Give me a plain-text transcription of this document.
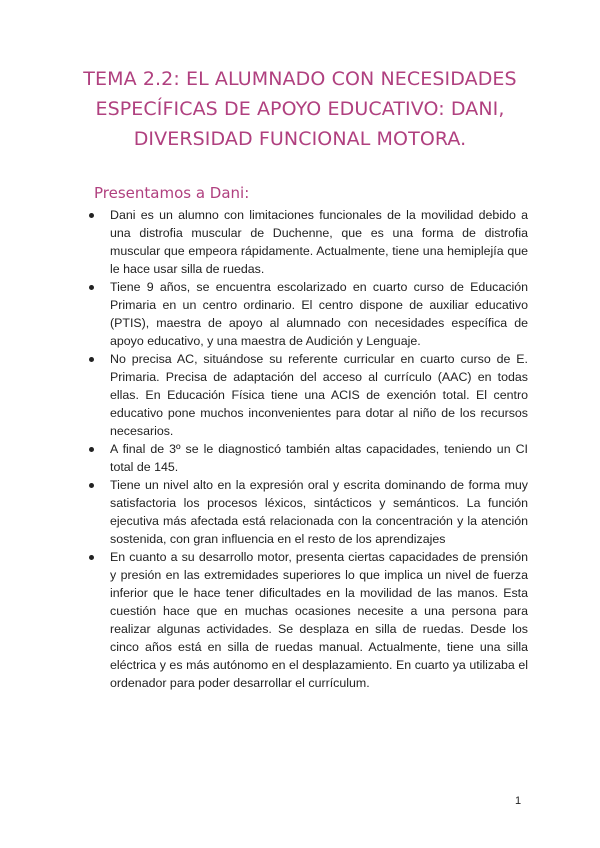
TEMA 2.2: EL ALUMNADO CON NECESIDADES ESPECÍFICAS DE APOYO EDUCATIVO: DANI, DIVERSIDAD FUNCIONAL MOTORA.
Presentamos a Dani:
Dani es un alumno con limitaciones funcionales de la movilidad debido a una distrofia muscular de Duchenne, que es una forma de distrofia muscular que empeora rápidamente. Actualmente, tiene una hemiplejía que le hace usar silla de ruedas.
Tiene 9 años, se encuentra escolarizado en cuarto curso de Educación Primaria en un centro ordinario. El centro dispone de auxiliar educativo (PTIS), maestra de apoyo al alumnado con necesidades específica de apoyo educativo, y una maestra de Audición y Lenguaje.
No precisa AC, situándose su referente curricular en cuarto curso de E. Primaria. Precisa de adaptación del acceso al currículo (AAC) en todas ellas. En Educación Física tiene una ACIS de exención total. El centro educativo pone muchos inconvenientes para dotar al niño de los recursos necesarios.
A final de 3º se le diagnosticó también altas capacidades, teniendo un CI total de 145.
Tiene un nivel alto en la expresión oral y escrita dominando de forma muy satisfactoria los procesos léxicos, sintácticos y semánticos. La función ejecutiva más afectada está relacionada con la concentración y la atención sostenida, con gran influencia en el resto de los aprendizajes
En cuanto a su desarrollo motor, presenta ciertas capacidades de prensión y presión en las extremidades superiores lo que implica un nivel de fuerza inferior que le hace tener dificultades en la movilidad de las manos. Esta cuestión hace que en muchas ocasiones necesite a una persona para realizar algunas actividades. Se desplaza en silla de ruedas. Desde los cinco años está en silla de ruedas manual. Actualmente, tiene una silla eléctrica y es más autónomo en el desplazamiento. En cuarto ya utilizaba el ordenador para poder desarrollar el currículum.
1
